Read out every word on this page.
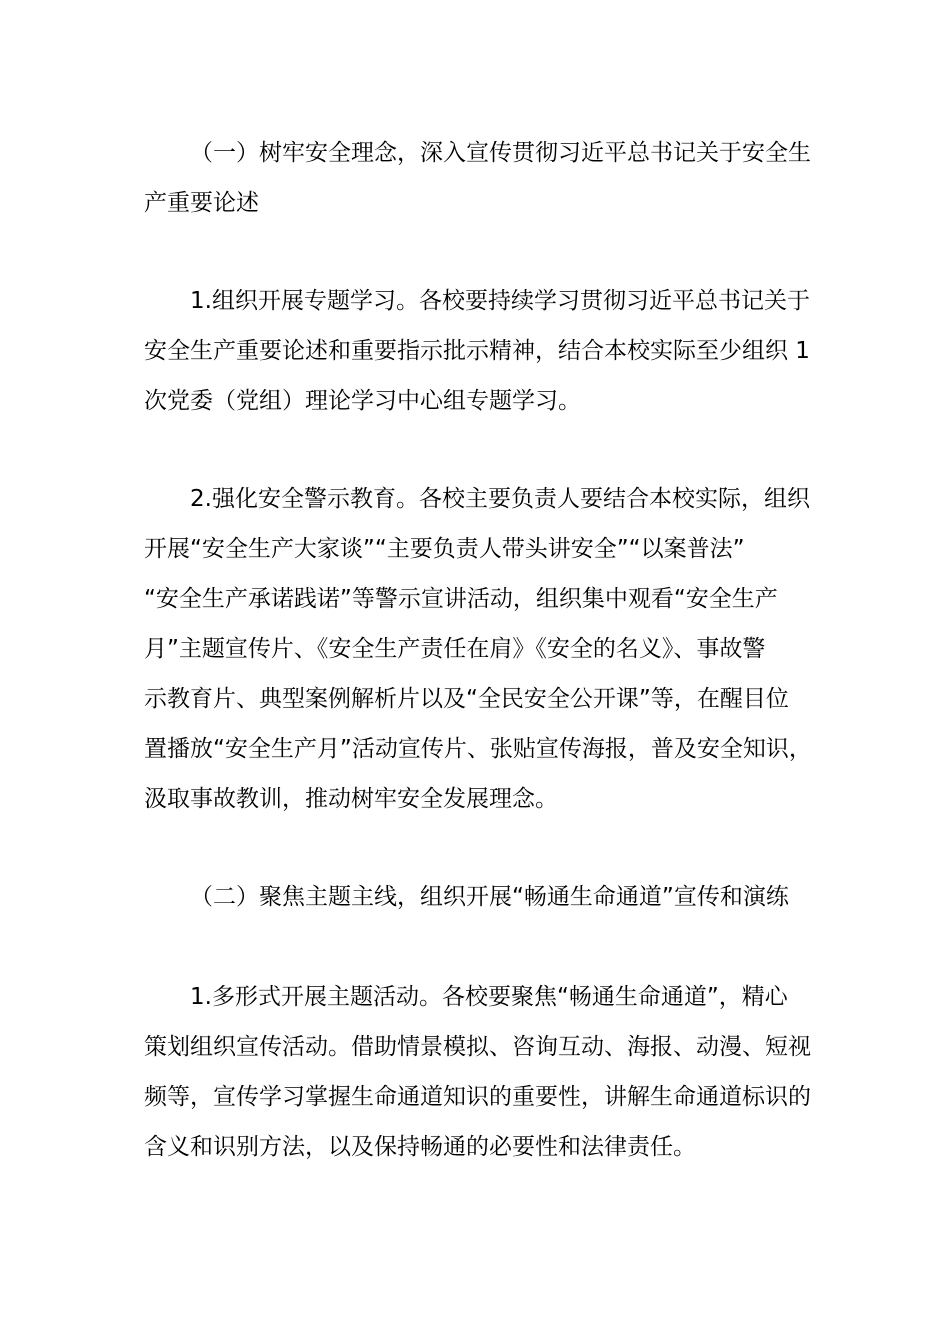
（一）树牢安全理念，深入宣传贯彻习近平总书记关于安全生
产重要论述
1.组织开展专题学习。各校要持续学习贯彻习近平总书记关于
安全生产重要论述和重要指示批示精神，结合本校实际至少组织 1
次党委（党组）理论学习中心组专题学习。
2.强化安全警示教育。各校主要负责人要结合本校实际，组织
开展“安全生产大家谈”“主要负责人带头讲安全”“以案普法”
“安全生产承诺践诺”等警示宣讲活动，组织集中观看“安全生产
月”主题宣传片、《安全生产责任在肩》《安全的名义》、事故警
示教育片、典型案例解析片以及“全民安全公开课”等，在醒目位
置播放“安全生产月”活动宣传片、张贴宣传海报，普及安全知识，
汲取事故教训，推动树牢安全发展理念。
（二）聚焦主题主线，组织开展“畅通生命通道”宣传和演练
1.多形式开展主题活动。各校要聚焦“畅通生命通道”，精心
策划组织宣传活动。借助情景模拟、咨询互动、海报、动漫、短视
频等，宣传学习掌握生命通道知识的重要性，讲解生命通道标识的
含义和识别方法，以及保持畅通的必要性和法律责任。
